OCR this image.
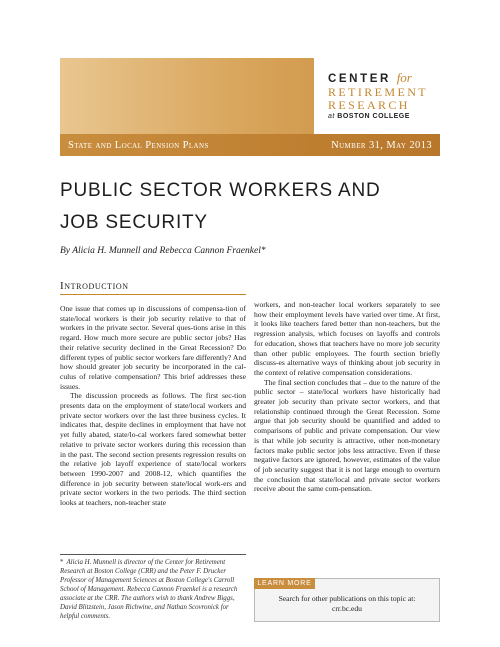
CENTER for
RETIREMENT
RESEARCH
at BOSTON COLLEGE
State and Local Pension Plans	Number 31, May 2013
PUBLIC SECTOR WORKERS AND
JOB SECURITY
By Alicia H. Munnell and Rebecca Cannon Fraenkel*
Introduction

One issue that comes up in discussions of compensa-tion of state/local workers is their job security relative to that of workers in the private sector. Several ques-tions arise in this regard. How much more secure are public sector jobs? Has their relative security declined in the Great Recession? Do different types of public sector workers fare differently? And how should greater job security be incorporated in the cal-culus of relative compensation? This brief addresses these issues.

The discussion proceeds as follows. The first sec-tion presents data on the employment of state/local workers and private sector workers over the last three business cycles. It indicates that, despite declines in employment that have not yet fully abated, state/lo-cal workers fared somewhat better relative to private sector workers during this recession than in the past. The second section presents regression results on the relative job layoff experience of state/local workers between 1990-2007 and 2008-12, which quantifies the difference in job security between state/local work-ers and private sector workers in the two periods. The third section looks at teachers, non-teacher state

workers, and non-teacher local workers separately to see how their employment levels have varied over time. At first, it looks like teachers fared better than non-teachers, but the regression analysis, which focuses on layoffs and controls for education, shows that teachers have no more job security than other public employees. The fourth section briefly discuss-es alternative ways of thinking about job security in the context of relative compensation considerations.

The final section concludes that – due to the nature of the public sector – state/local workers have historically had greater job security than private sector workers, and that relationship continued through the Great Recession. Some argue that job security should be quantified and added to comparisons of public and private compensation. Our view is that while job security is attractive, other non-monetary factors make public sector jobs less attractive. Even if these negative factors are ignored, however, estimates of the value of job security suggest that it is not large enough to overturn the conclusion that state/local and private sector workers receive about the same com-pensation.

* Alicia H. Munnell is director of the Center for Retirement Research at Boston College (CRR) and the Peter F. Drucker Professor of Management Sciences at Boston College's Carroll School of Management. Rebecca Cannon Fraenkel is a research associate at the CRR. The authors wish to thank Andrew Biggs, David Blitzstein, Jason Richwine, and Nathan Scovronick for helpful comments.
LEARN MORE
Search for other publications on this topic at:
crr.bc.edu
